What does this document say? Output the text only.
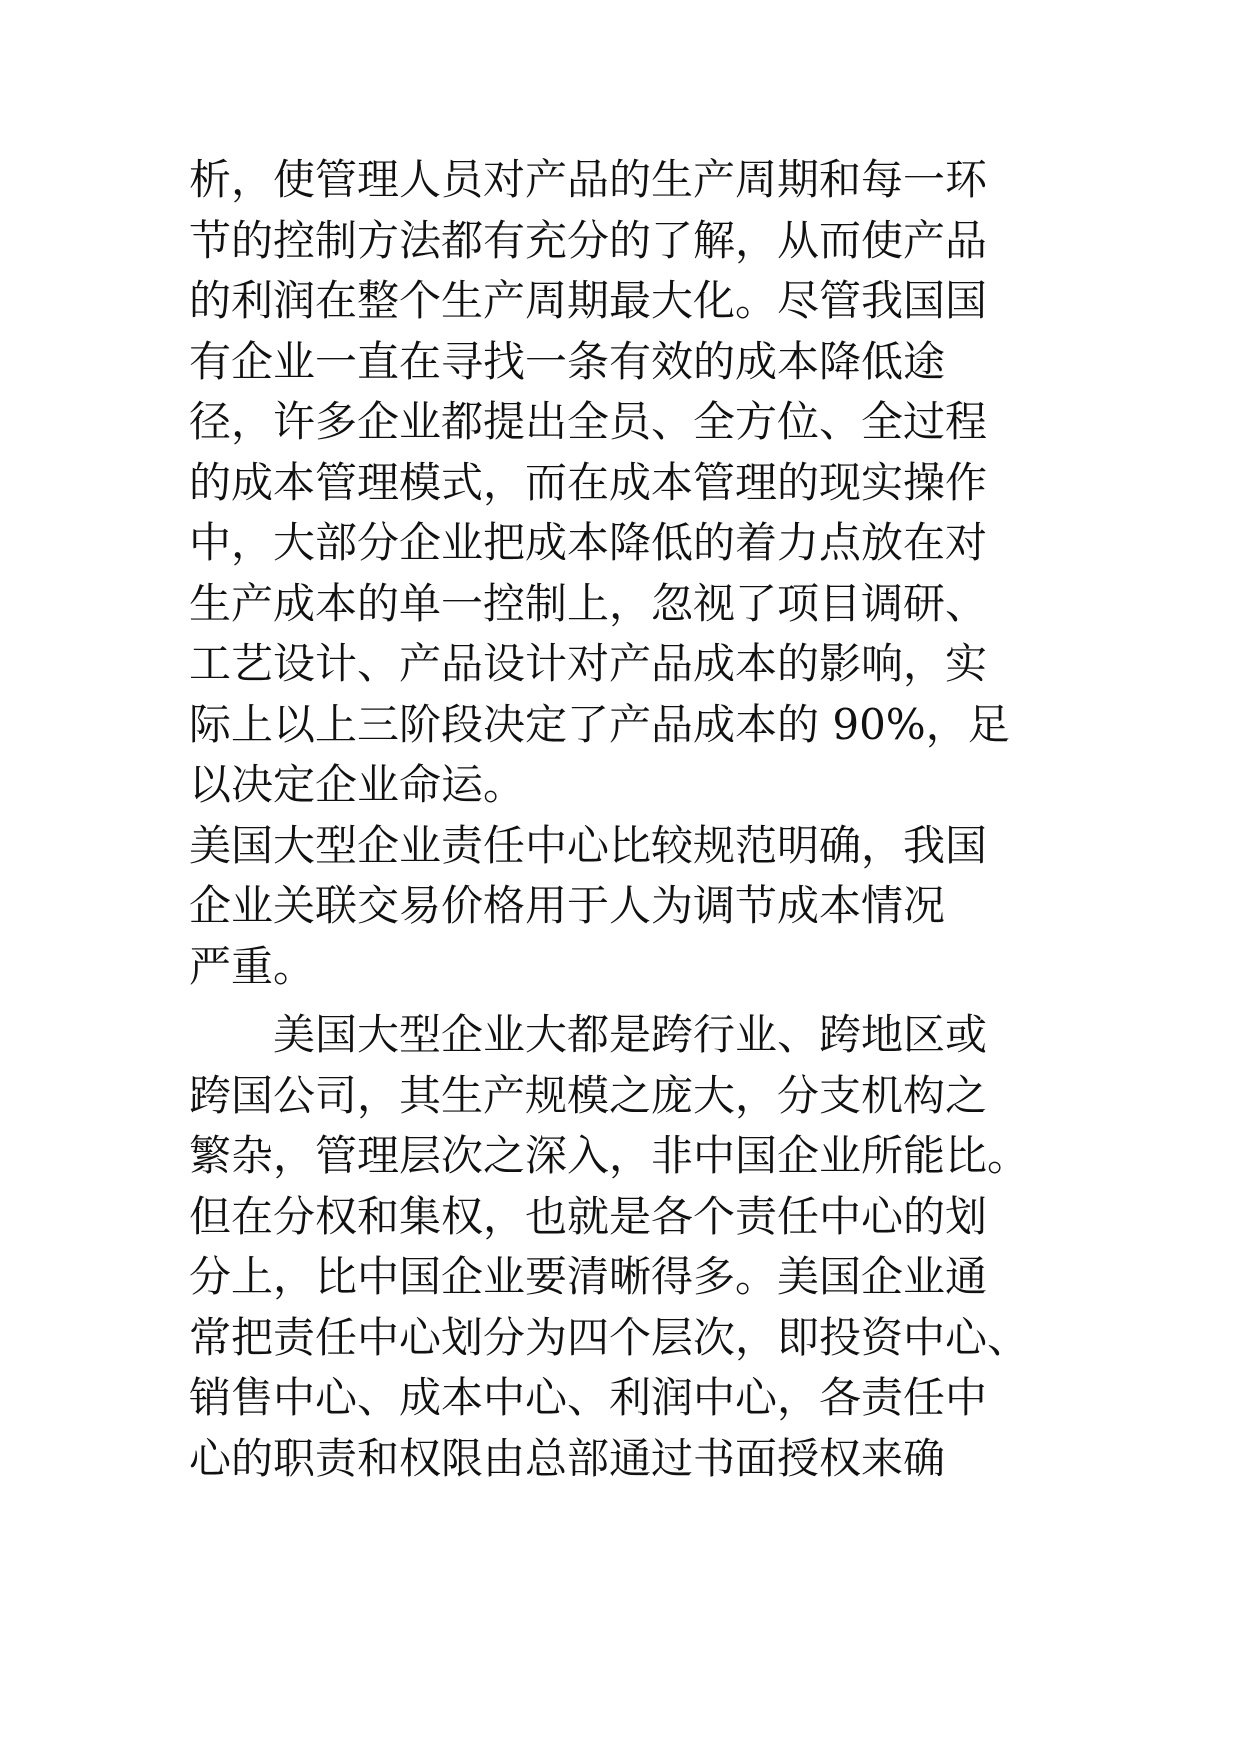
析，使管理人员对产品的生产周期和每一环
节的控制方法都有充分的了解，从而使产品
的利润在整个生产周期最大化。尽管我国国
有企业一直在寻找一条有效的成本降低途
径，许多企业都提出全员、全方位、全过程
的成本管理模式，而在成本管理的现实操作
中，大部分企业把成本降低的着力点放在对
生产成本的单一控制上，忽视了项目调研、
工艺设计、产品设计对产品成本的影响，实
际上以上三阶段决定了产品成本的 90%，足
以决定企业命运。
美国大型企业责任中心比较规范明确，我国
企业关联交易价格用于人为调节成本情况
严重。
　　美国大型企业大都是跨行业、跨地区或
跨国公司，其生产规模之庞大，分支机构之
繁杂，管理层次之深入，非中国企业所能比。
但在分权和集权，也就是各个责任中心的划
分上，比中国企业要清晰得多。美国企业通
常把责任中心划分为四个层次，即投资中心、
销售中心、成本中心、利润中心，各责任中
心的职责和权限由总部通过书面授权来确
